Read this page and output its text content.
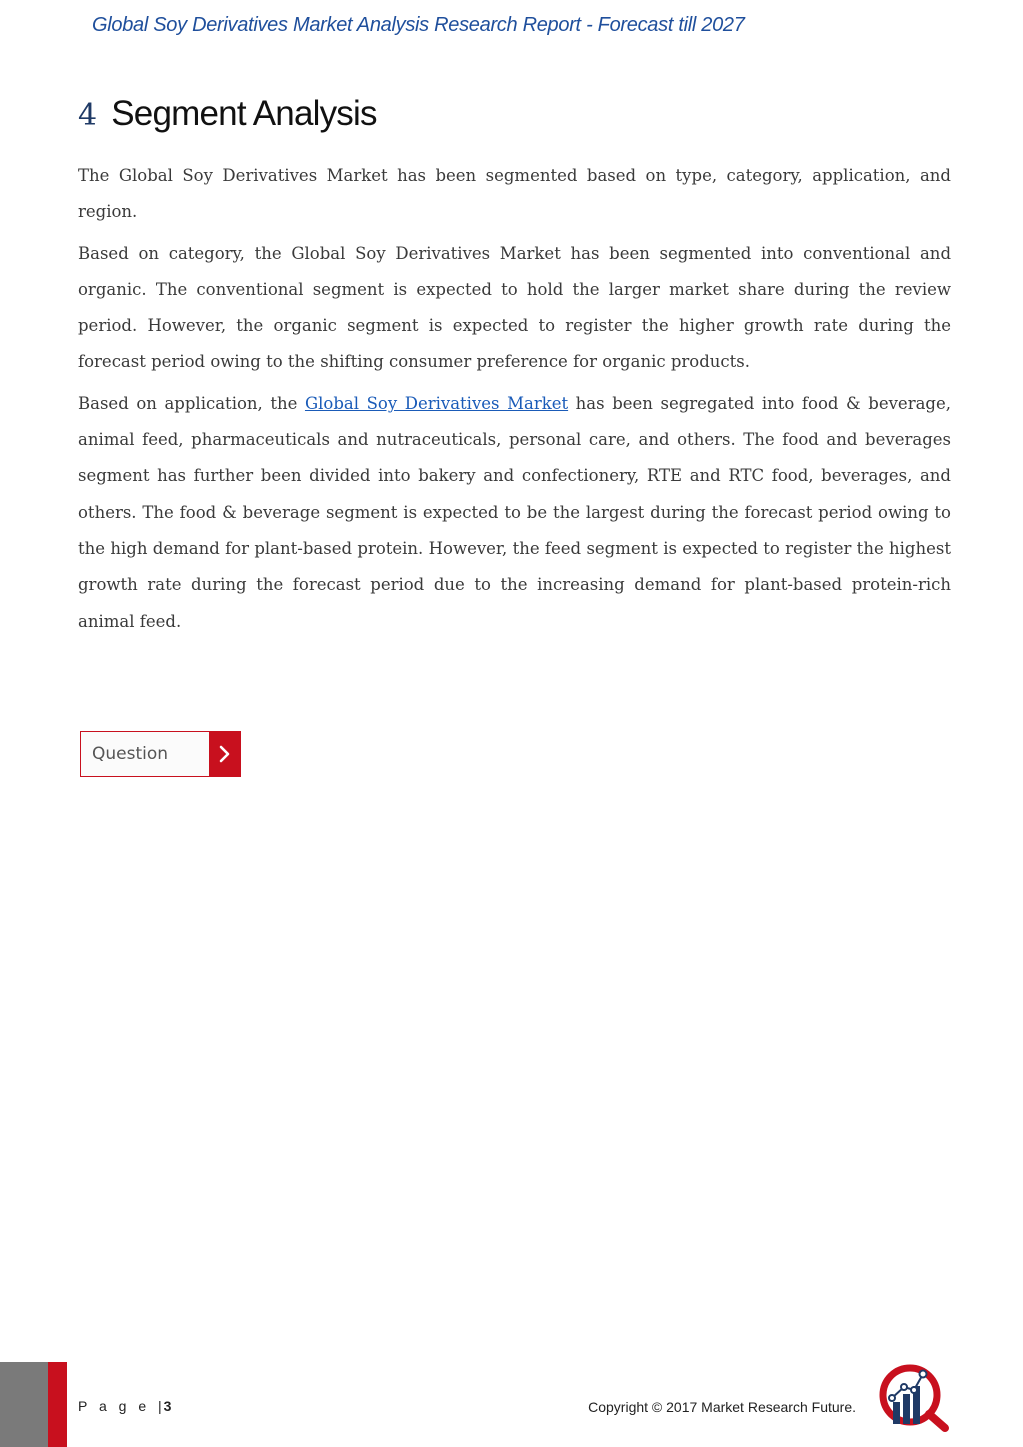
Global Soy Derivatives Market Analysis Research Report - Forecast till 2027
4 Segment Analysis

The Global Soy Derivatives Market has been segmented based on type, category, application, and region.

Based on category, the Global Soy Derivatives Market has been segmented into conventional and organic. The conventional segment is expected to hold the larger market share during the review period. However, the organic segment is expected to register the higher growth rate during the forecast period owing to the shifting consumer preference for organic products.

Based on application, the Global Soy Derivatives Market has been segregated into food & beverage, animal feed, pharmaceuticals and nutraceuticals, personal care, and others. The food and beverages segment has further been divided into bakery and confectionery, RTE and RTC food, beverages, and others. The food & beverage segment is expected to be the largest during the forecast period owing to the high demand for plant-based protein. However, the feed segment is expected to register the highest growth rate during the forecast period due to the increasing demand for plant-based protein-rich animal feed.

Question
P a g e |3	Copyright © 2017 Market Research Future.
